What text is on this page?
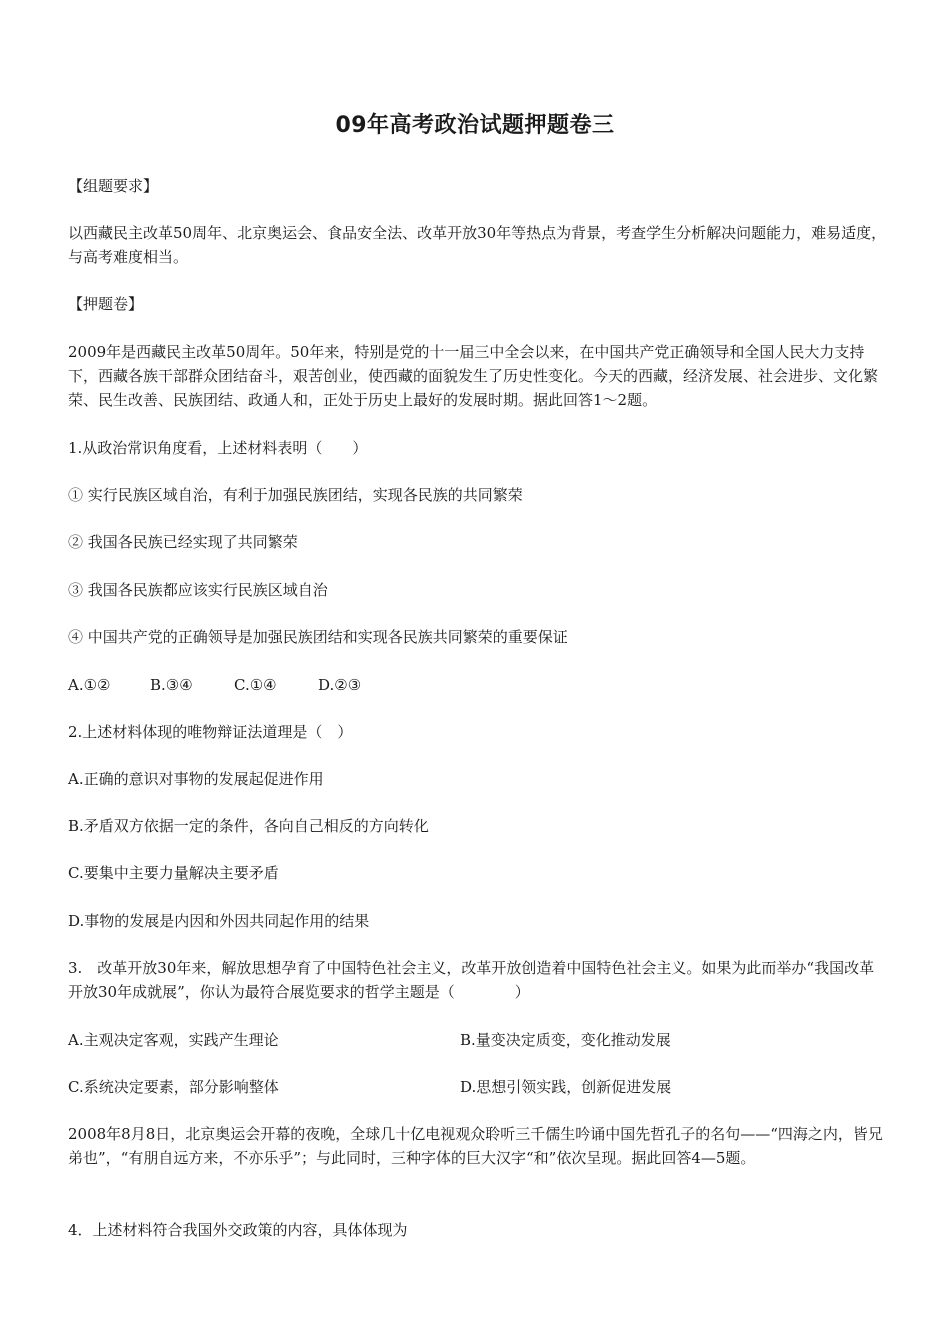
09年高考政治试题押题卷三
【组题要求】
以西藏民主改革50周年、北京奥运会、食品安全法、改革开放30年等热点为背景，考查学生分析解决问题能力，难易适度，与高考难度相当。
【押题卷】
2009年是西藏民主改革50周年。50年来，特别是党的十一届三中全会以来，在中国共产党正确领导和全国人民大力支持下，西藏各族干部群众团结奋斗，艰苦创业，使西藏的面貌发生了历史性变化。今天的西藏，经济发展、社会进步、文化繁荣、民生改善、民族团结、政通人和，正处于历史上最好的发展时期。据此回答1～2题。
1.从政治常识角度看，上述材料表明（　　）
① 实行民族区域自治，有利于加强民族团结，实现各民族的共同繁荣
② 我国各民族已经实现了共同繁荣
③ 我国各民族都应该实行民族区域自治
④ 中国共产党的正确领导是加强民族团结和实现各民族共同繁荣的重要保证
A.①②	B.③④	C.①④	D.②③
2.上述材料体现的唯物辩证法道理是（　）
A.正确的意识对事物的发展起促进作用
B.矛盾双方依据一定的条件，各向自己相反的方向转化
C.要集中主要力量解决主要矛盾
D.事物的发展是内因和外因共同起作用的结果
3.　改革开放30年来，解放思想孕育了中国特色社会主义，改革开放创造着中国特色社会主义。如果为此而举办“我国改革开放30年成就展”，你认为最符合展览要求的哲学主题是（　　　　）
A.主观决定客观，实践产生理论	B.量变决定质变，变化推动发展
C.系统决定要素，部分影响整体	D.思想引领实践，创新促进发展
2008年8月8日，北京奥运会开幕的夜晚，全球几十亿电视观众聆听三千儒生吟诵中国先哲孔子的名句——“四海之内，皆兄弟也”，“有朋自远方来，不亦乐乎”；与此同时，三种字体的巨大汉字“和”依次呈现。据此回答4—5题。
4．上述材料符合我国外交政策的内容，具体体现为
